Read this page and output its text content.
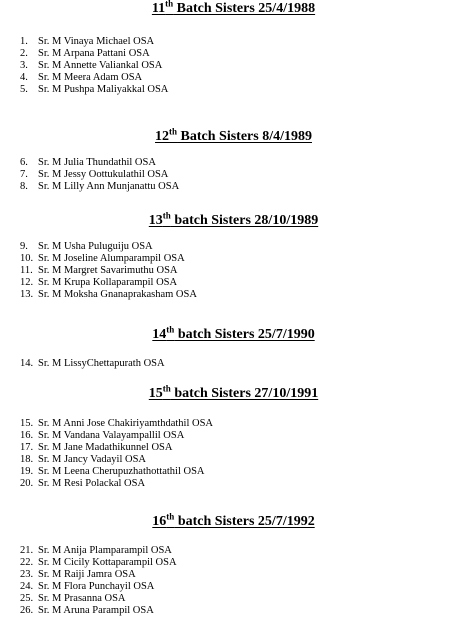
11th Batch Sisters 25/4/1988
1. Sr. M Vinaya Michael OSA
2. Sr. M Arpana Pattani OSA
3. Sr. M Annette Valiankal OSA
4. Sr. M Meera Adam OSA
5. Sr. M Pushpa Maliyakkal OSA
12th Batch Sisters 8/4/1989
6. Sr. M Julia Thundathil OSA
7. Sr. M Jessy Oottukulathil OSA
8. Sr. M Lilly Ann Munjanattu OSA
13th batch Sisters 28/10/1989
9. Sr. M Usha Puluguiju OSA
10. Sr. M Joseline Alumparampil OSA
11. Sr. M Margret Savarimuthu OSA
12. Sr. M Krupa Kollaparampil OSA
13. Sr. M Moksha Gnanaprakasham OSA
14th batch Sisters 25/7/1990
14. Sr. M LissyChettapurath OSA
15th batch Sisters 27/10/1991
15. Sr. M Anni Jose Chakiriyamthdathil OSA
16. Sr. M Vandana Valayampallil OSA
17. Sr. M Jane Madathikunnel OSA
18. Sr. M Jancy Vadayil OSA
19. Sr. M Leena Cherupuzhathottathil OSA
20. Sr. M Resi Polackal OSA
16th batch Sisters 25/7/1992
21. Sr. M Anija Plamparampil OSA
22. Sr. M Cicily Kottaparampil OSA
23. Sr. M Raiji Jamra OSA
24. Sr. M Flora Punchayil OSA
25. Sr. M Prasanna OSA
26. Sr. M Aruna Parampil OSA
